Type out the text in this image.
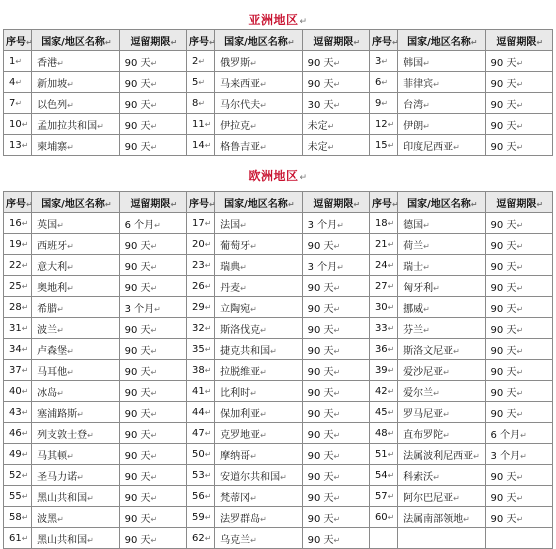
亚洲地区↵
序号↵	国家/地区名称↵	逗留期限↵	序号↵	国家/地区名称↵	逗留期限↵	序号↵	国家/地区名称↵	逗留期限↵
1↵	香港↵	90 天↵	2↵	俄罗斯↵	90 天↵	3↵	韩国↵	90 天↵
4↵	新加坡↵	90 天↵	5↵	马来西亚↵	90 天↵	6↵	菲律宾↵	90 天↵
7↵	以色列↵	90 天↵	8↵	马尔代夫↵	30 天↵	9↵	台湾↵	90 天↵
10↵	孟加拉共和国↵	90 天↵	11↵	伊拉克↵	未定↵	12↵	伊朗↵	90 天↵
13↵	柬埔寨↵	90 天↵	14↵	格鲁吉亚↵	未定↵	15↵	印度尼西亚↵	90 天↵
欧洲地区↵
序号↵	国家/地区名称↵	逗留期限↵	序号↵	国家/地区名称↵	逗留期限↵	序号↵	国家/地区名称↵	逗留期限↵
16↵	英国↵	6 个月↵	17↵	法国↵	3 个月↵	18↵	德国↵	90 天↵
19↵	西班牙↵	90 天↵	20↵	葡萄牙↵	90 天↵	21↵	荷兰↵	90 天↵
22↵	意大利↵	90 天↵	23↵	瑞典↵	3 个月↵	24↵	瑞士↵	90 天↵
25↵	奥地利↵	90 天↵	26↵	丹麦↵	90 天↵	27↵	匈牙利↵	90 天↵
28↵	希腊↵	3 个月↵	29↵	立陶宛↵	90 天↵	30↵	挪威↵	90 天↵
31↵	波兰↵	90 天↵	32↵	斯洛伐克↵	90 天↵	33↵	芬兰↵	90 天↵
34↵	卢森堡↵	90 天↵	35↵	捷克共和国↵	90 天↵	36↵	斯洛文尼亚↵	90 天↵
37↵	马耳他↵	90 天↵	38↵	拉脱维亚↵	90 天↵	39↵	爱沙尼亚↵	90 天↵
40↵	冰岛↵	90 天↵	41↵	比利时↵	90 天↵	42↵	爱尔兰↵	90 天↵
43↵	塞浦路斯↵	90 天↵	44↵	保加利亚↵	90 天↵	45↵	罗马尼亚↵	90 天↵
46↵	列支敦士登↵	90 天↵	47↵	克罗地亚↵	90 天↵	48↵	直布罗陀↵	6 个月↵
49↵	马其顿↵	90 天↵	50↵	摩纳哥↵	90 天↵	51↵	法属波利尼西亚↵	3 个月↵
52↵	圣马力诺↵	90 天↵	53↵	安道尔共和国↵	90 天↵	54↵	科索沃↵	90 天↵
55↵	黑山共和国↵	90 天↵	56↵	梵蒂冈↵	90 天↵	57↵	阿尔巴尼亚↵	90 天↵
58↵	波黑↵	90 天↵	59↵	法罗群岛↵	90 天↵	60↵	法属南部领地↵	90 天↵
61↵	黑山共和国↵	90 天↵	62↵	乌克兰↵	90 天↵			
